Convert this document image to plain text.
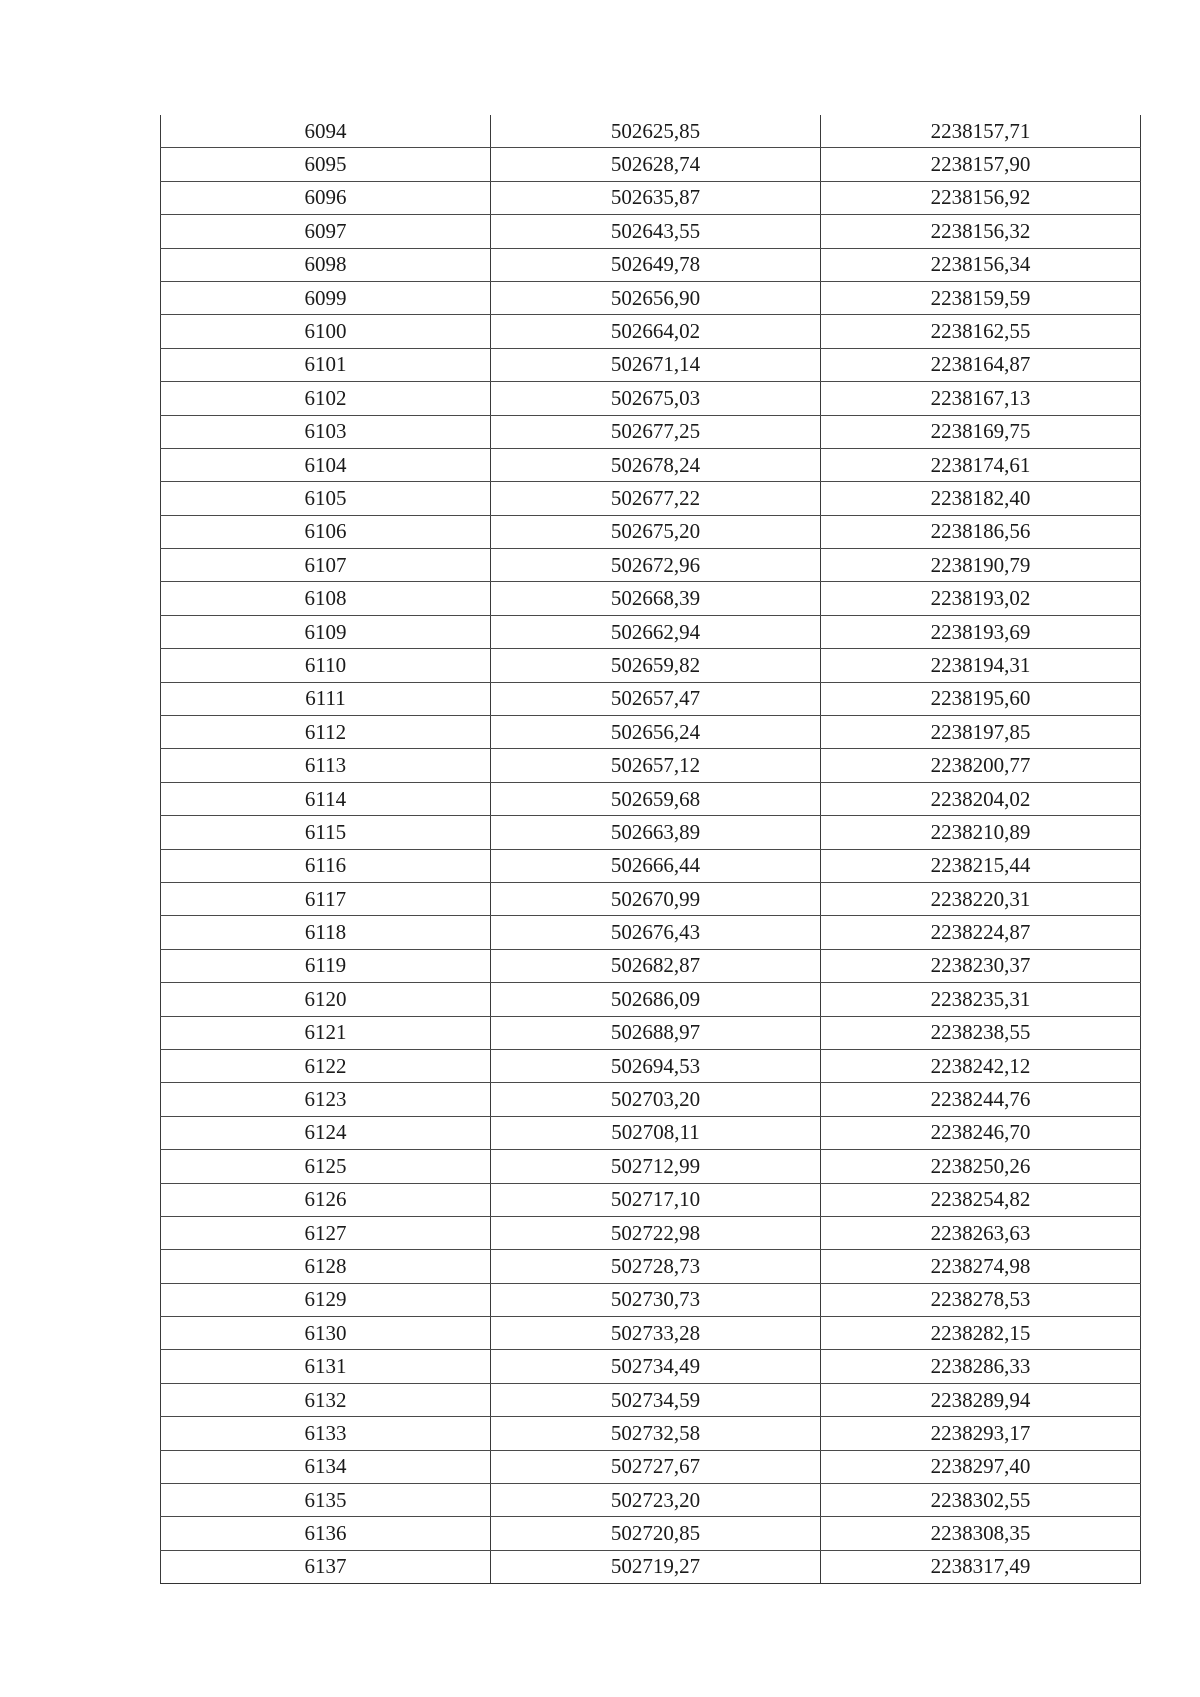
6094	502625,85	2238157,71
6095	502628,74	2238157,90
6096	502635,87	2238156,92
6097	502643,55	2238156,32
6098	502649,78	2238156,34
6099	502656,90	2238159,59
6100	502664,02	2238162,55
6101	502671,14	2238164,87
6102	502675,03	2238167,13
6103	502677,25	2238169,75
6104	502678,24	2238174,61
6105	502677,22	2238182,40
6106	502675,20	2238186,56
6107	502672,96	2238190,79
6108	502668,39	2238193,02
6109	502662,94	2238193,69
6110	502659,82	2238194,31
6111	502657,47	2238195,60
6112	502656,24	2238197,85
6113	502657,12	2238200,77
6114	502659,68	2238204,02
6115	502663,89	2238210,89
6116	502666,44	2238215,44
6117	502670,99	2238220,31
6118	502676,43	2238224,87
6119	502682,87	2238230,37
6120	502686,09	2238235,31
6121	502688,97	2238238,55
6122	502694,53	2238242,12
6123	502703,20	2238244,76
6124	502708,11	2238246,70
6125	502712,99	2238250,26
6126	502717,10	2238254,82
6127	502722,98	2238263,63
6128	502728,73	2238274,98
6129	502730,73	2238278,53
6130	502733,28	2238282,15
6131	502734,49	2238286,33
6132	502734,59	2238289,94
6133	502732,58	2238293,17
6134	502727,67	2238297,40
6135	502723,20	2238302,55
6136	502720,85	2238308,35
6137	502719,27	2238317,49
